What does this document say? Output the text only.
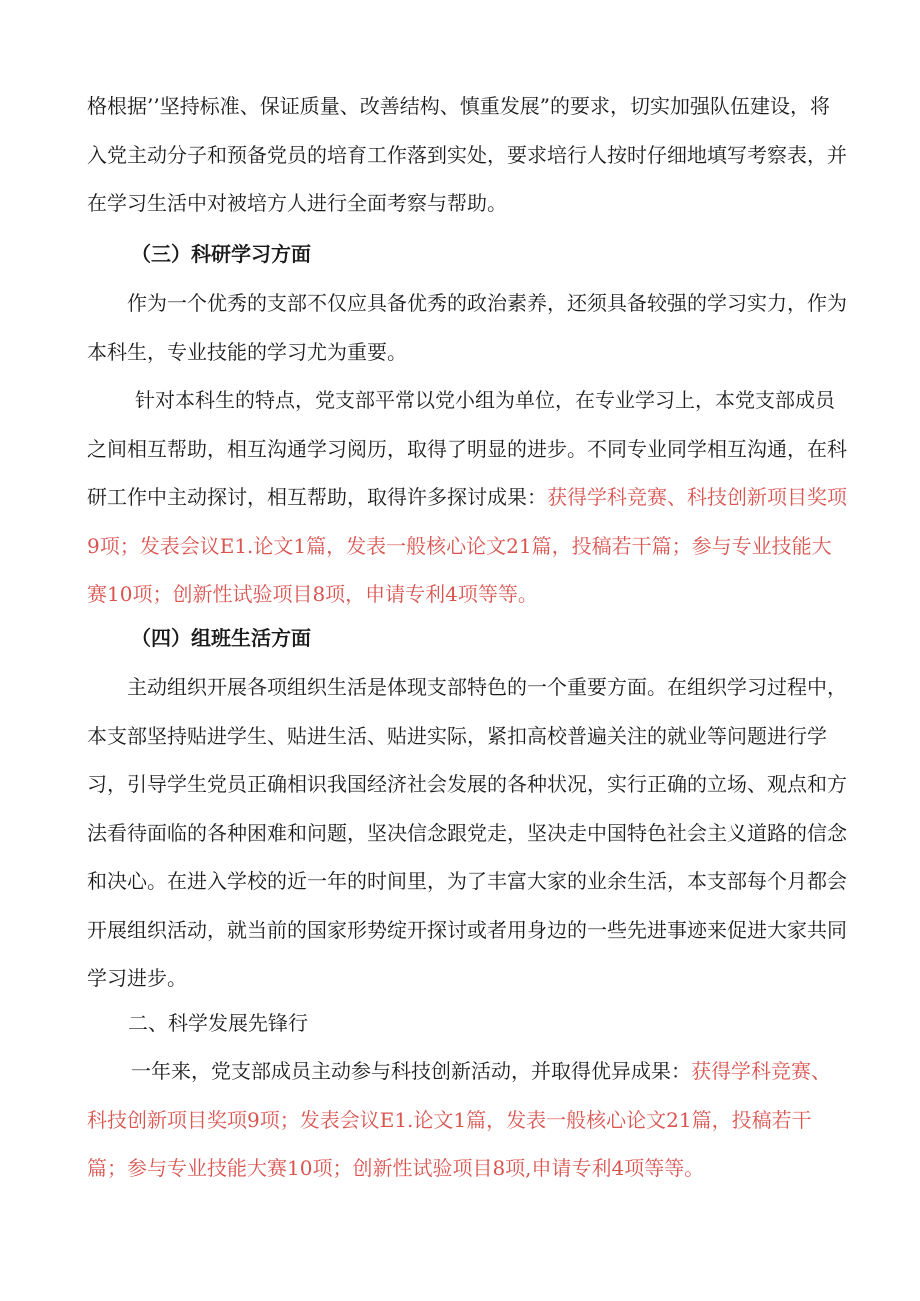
格根据’’坚持标准、保证质量、改善结构、慎重发展”的要求，切实加强队伍建设，将入党主动分子和预备党员的培育工作落到实处，要求培行人按时仔细地填写考察表，并在学习生活中对被培方人进行全面考察与帮助。

（三）科研学习方面

作为一个优秀的支部不仅应具备优秀的政治素养，还须具备较强的学习实力，作为本科生，专业技能的学习尤为重要。

针对本科生的特点，党支部平常以党小组为单位，在专业学习上，本党支部成员之间相互帮助，相互沟通学习阅历，取得了明显的进步。不同专业同学相互沟通，在科研工作中主动探讨，相互帮助，取得许多探讨成果：获得学科竞赛、科技创新项目奖项9项；发表会议E1.论文1篇，发表一般核心论文21篇，投稿若干篇；参与专业技能大赛10项；创新性试验项目8项，申请专利4项等等。

（四）组班生活方面

主动组织开展各项组织生活是体现支部特色的一个重要方面。在组织学习过程中，本支部坚持贴进学生、贴进生活、贴进实际，紧扣高校普遍关注的就业等问题进行学习，引导学生党员正确相识我国经济社会发展的各种状况，实行正确的立场、观点和方法看待面临的各种困难和问题，坚决信念跟党走，坚决走中国特色社会主义道路的信念和决心。在进入学校的近一年的时间里，为了丰富大家的业余生活，本支部每个月都会开展组织活动，就当前的国家形势绽开探讨或者用身边的一些先进事迹来促进大家共同学习进步。

二、科学发展先锋行

一年来，党支部成员主动参与科技创新活动，并取得优异成果：获得学科竞赛、科技创新项目奖项9项；发表会议E1.论文1篇，发表一般核心论文21篇，投稿若干篇；参与专业技能大赛10项；创新性试验项目8项,申请专利4项等等。
